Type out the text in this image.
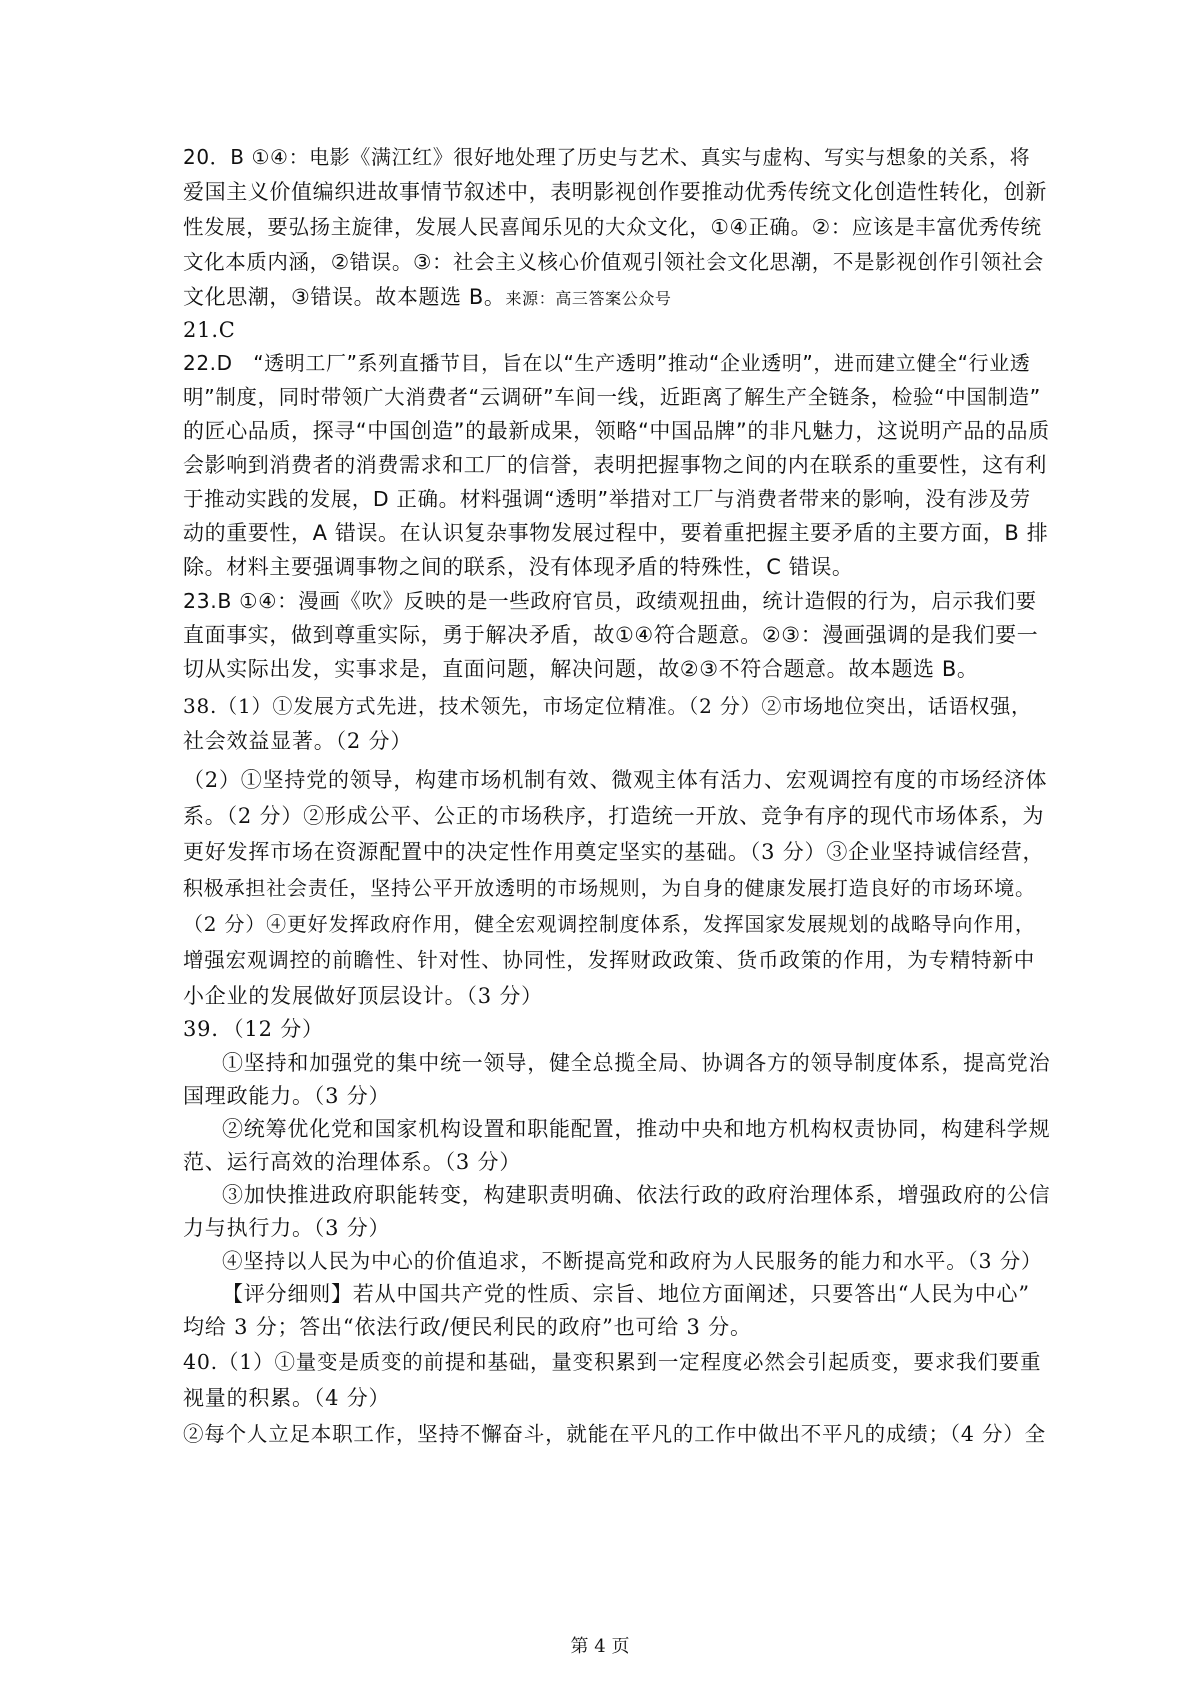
20．B ①④：电影《满江红》很好地处理了历史与艺术、真实与虚构、写实与想象的关系，将
爱国主义价值编织进故事情节叙述中，表明影视创作要推动优秀传统文化创造性转化，创新
性发展，要弘扬主旋律，发展人民喜闻乐见的大众文化，①④正确。②：应该是丰富优秀传统
文化本质内涵，②错误。③：社会主义核心价值观引领社会文化思潮，不是影视创作引领社会
文化思潮，③错误。故本题选 B。来源：高三答案公众号
21.C
22.D　“透明工厂”系列直播节目，旨在以“生产透明”推动“企业透明”，进而建立健全“行业透
明”制度，同时带领广大消费者“云调研”车间一线，近距离了解生产全链条，检验“中国制造”
的匠心品质，探寻“中国创造”的最新成果，领略“中国品牌”的非凡魅力，这说明产品的品质
会影响到消费者的消费需求和工厂的信誉，表明把握事物之间的内在联系的重要性，这有利
于推动实践的发展，D 正确。材料强调“透明”举措对工厂与消费者带来的影响，没有涉及劳
动的重要性，A 错误。在认识复杂事物发展过程中，要着重把握主要矛盾的主要方面，B 排
除。材料主要强调事物之间的联系，没有体现矛盾的特殊性，C 错误。
23.B ①④：漫画《吹》反映的是一些政府官员，政绩观扭曲，统计造假的行为，启示我们要
直面事实，做到尊重实际，勇于解决矛盾，故①④符合题意。②③：漫画强调的是我们要一
切从实际出发，实事求是，直面问题，解决问题，故②③不符合题意。故本题选 B。
38.（1）①发展方式先进，技术领先，市场定位精准。（2 分）②市场地位突出，话语权强，
社会效益显著。（2 分）
（2）①坚持党的领导，构建市场机制有效、微观主体有活力、宏观调控有度的市场经济体
系。（2 分）②形成公平、公正的市场秩序，打造统一开放、竞争有序的现代市场体系，为
更好发挥市场在资源配置中的决定性作用奠定坚实的基础。（3 分）③企业坚持诚信经营，
积极承担社会责任，坚持公平开放透明的市场规则，为自身的健康发展打造良好的市场环境。
（2 分）④更好发挥政府作用，健全宏观调控制度体系，发挥国家发展规划的战略导向作用，
增强宏观调控的前瞻性、针对性、协同性，发挥财政政策、货币政策的作用，为专精特新中
小企业的发展做好顶层设计。（3 分）
39．（12 分）
①坚持和加强党的集中统一领导，健全总揽全局、协调各方的领导制度体系，提高党治
国理政能力。（3 分）
②统筹优化党和国家机构设置和职能配置，推动中央和地方机构权责协同，构建科学规
范、运行高效的治理体系。（3 分）
③加快推进政府职能转变，构建职责明确、依法行政的政府治理体系，增强政府的公信
力与执行力。（3 分）
④坚持以人民为中心的价值追求，不断提高党和政府为人民服务的能力和水平。（3 分）
【评分细则】若从中国共产党的性质、宗旨、地位方面阐述，只要答出“人民为中心”
均给 3 分；答出“依法行政/便民利民的政府”也可给 3 分。
40.（1）①量变是质变的前提和基础，量变积累到一定程度必然会引起质变，要求我们要重
视量的积累。（4 分）
②每个人立足本职工作，坚持不懈奋斗，就能在平凡的工作中做出不平凡的成绩；（4 分）全
第 4 页
